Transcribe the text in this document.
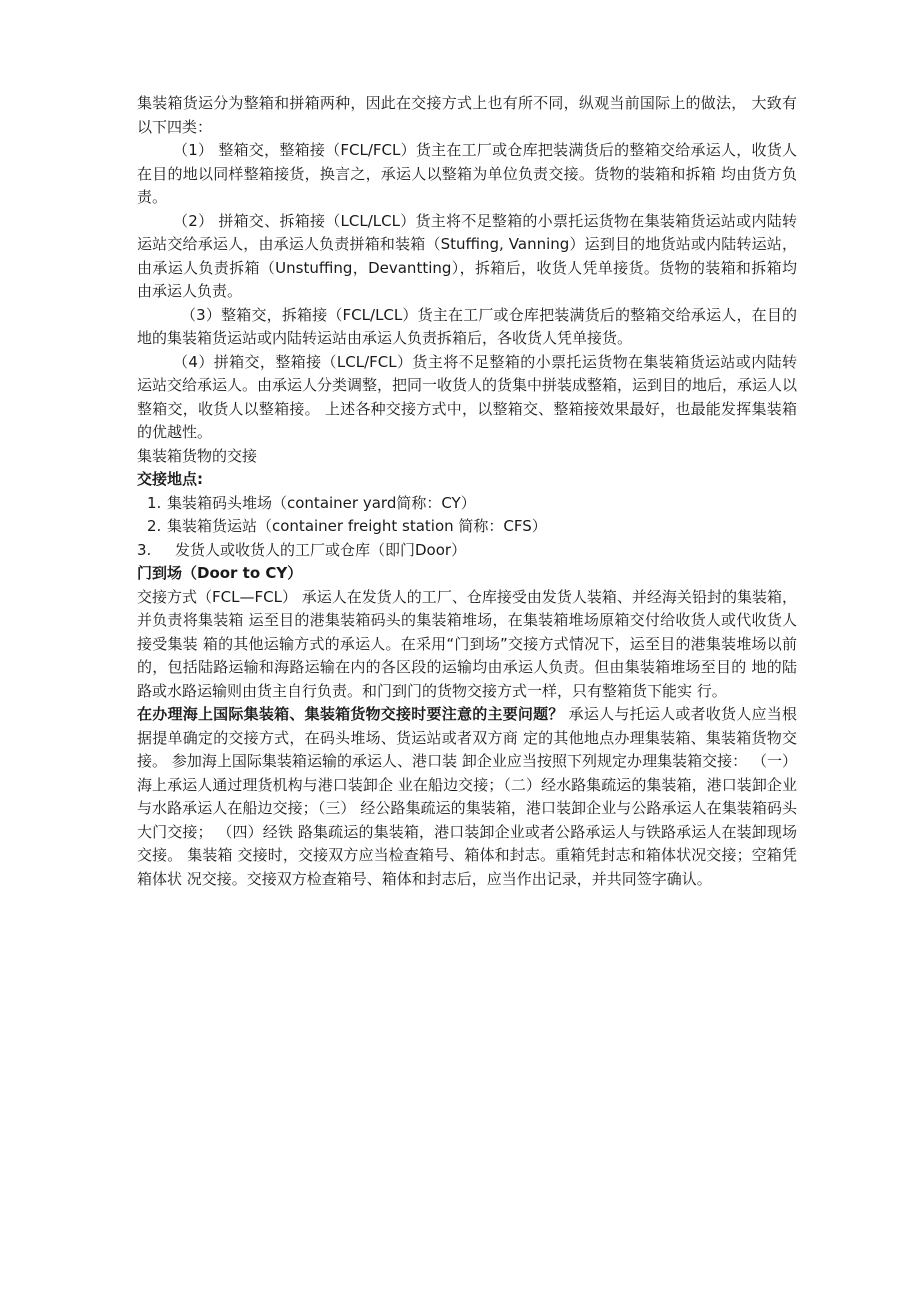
集装箱货运分为整箱和拼箱两种，因此在交接方式上也有所不同，纵观当前国际上的做法， 大致有以下四类：

（1） 整箱交，整箱接（FCL/FCL）货主在工厂或仓库把装满货后的整箱交给承运人，收货人在目的地以同样整箱接货，换言之，承运人以整箱为单位负责交接。货物的装箱和拆箱 均由货方负责。

（2） 拼箱交、拆箱接（LCL/LCL）货主将不足整箱的小票托运货物在集装箱货运站或内陆转运站交给承运人，由承运人负责拼箱和装箱（Stuffing, Vanning）运到目的地货站或内陆转运站，由承运人负责拆箱（Unstuffing，Devantting），拆箱后，收货人凭单接货。货物的装箱和拆箱均由承运人负责。

（3）整箱交，拆箱接（FCL/LCL）货主在工厂或仓库把装满货后的整箱交给承运人，在目的地的集装箱货运站或内陆转运站由承运人负责拆箱后，各收货人凭单接货。

（4）拼箱交，整箱接（LCL/FCL）货主将不足整箱的小票托运货物在集装箱货运站或内陆转运站交给承运人。由承运人分类调整，把同一收货人的货集中拼装成整箱，运到目的地后，承运人以整箱交，收货人以整箱接。 上述各种交接方式中，以整箱交、整箱接效果最好，也最能发挥集装箱的优越性。

集装箱货物的交接

交接地点:

1. 集装箱码头堆场（container yard简称：CY）

2. 集装箱货运站（container freight station 简称：CFS）

3. 发货人或收货人的工厂或仓库（即门Door）

门到场（Door to CY）

交接方式（FCL—FCL） 承运人在发货人的工厂、仓库接受由发货人装箱、并经海关铅封的集装箱，并负责将集装箱 运至目的港集装箱码头的集装箱堆场，在集装箱堆场原箱交付给收货人或代收货人接受集装 箱的其他运输方式的承运人。在采用“门到场”交接方式情况下，运至目的港集装堆场以前 的，包括陆路运输和海路运输在内的各区段的运输均由承运人负责。但由集装箱堆场至目的 地的陆路或水路运输则由货主自行负责。和门到门的货物交接方式一样，只有整箱货下能实 行。

在办理海上国际集装箱、集装箱货物交接时要注意的主要问题？ 承运人与托运人或者收货人应当根据提单确定的交接方式，在码头堆场、货运站或者双方商 定的其他地点办理集装箱、集装箱货物交接。 参加海上国际集装箱运输的承运人、港口装 卸企业应当按照下列规定办理集装箱交接： （一）海上承运人通过理货机构与港口装卸企 业在船边交接；（二）经水路集疏运的集装箱，港口装卸企业与水路承运人在船边交接；（三） 经公路集疏运的集装箱，港口装卸企业与公路承运人在集装箱码头大门交接； （四）经铁 路集疏运的集装箱，港口装卸企业或者公路承运人与铁路承运人在装卸现场交接。 集装箱 交接时，交接双方应当检查箱号、箱体和封志。重箱凭封志和箱体状况交接；空箱凭箱体状 况交接。交接双方检查箱号、箱体和封志后，应当作出记录，并共同签字确认。
